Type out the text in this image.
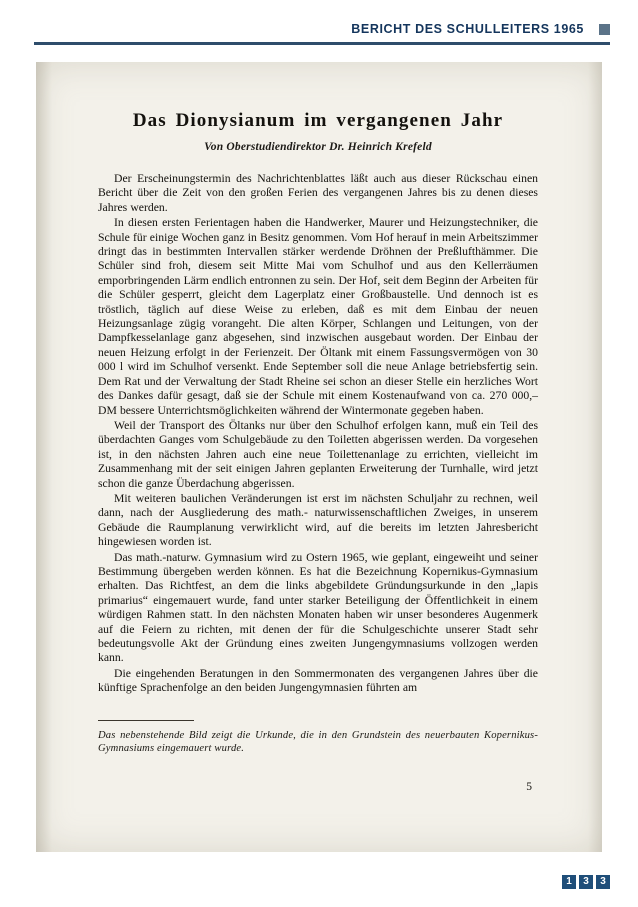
BERICHT DES SCHULLEITERS 1965
Das Dionysianum im vergangenen Jahr
Von Oberstudiendirektor Dr. Heinrich Krefeld

Der Erscheinungstermin des Nachrichtenblattes läßt auch aus dieser Rückschau einen Bericht über die Zeit von den großen Ferien des vergangenen Jahres bis zu denen dieses Jahres werden.

In diesen ersten Ferientagen haben die Handwerker, Maurer und Heizungstechniker, die Schule für einige Wochen ganz in Besitz genommen. Vom Hof herauf in mein Arbeitszimmer dringt das in bestimmten Intervallen stärker werdende Dröhnen der Preßlufthämmer. Die Schüler sind froh, diesem seit Mitte Mai vom Schulhof und aus den Kellerräumen emporbringenden Lärm endlich entronnen zu sein. Der Hof, seit dem Beginn der Arbeiten für die Schüler gesperrt, gleicht dem Lagerplatz einer Großbaustelle. Und dennoch ist es tröstlich, täglich auf diese Weise zu erleben, daß es mit dem Einbau der neuen Heizungsanlage zügig vorangeht. Die alten Körper, Schlangen und Leitungen, von der Dampfkesselanlage ganz abgesehen, sind inzwischen ausgebaut worden. Der Einbau der neuen Heizung erfolgt in der Ferienzeit. Der Öltank mit einem Fassungsvermögen von 30 000 l wird im Schulhof versenkt. Ende September soll die neue Anlage betriebsfertig sein. Dem Rat und der Verwaltung der Stadt Rheine sei schon an dieser Stelle ein herzliches Wort des Dankes dafür gesagt, daß sie der Schule mit einem Kostenaufwand von ca. 270 000,– DM bessere Unterrichtsmöglichkeiten während der Wintermonate gegeben haben.

Weil der Transport des Öltanks nur über den Schulhof erfolgen kann, muß ein Teil des überdachten Ganges vom Schulgebäude zu den Toiletten abgerissen werden. Da vorgesehen ist, in den nächsten Jahren auch eine neue Toilettenanlage zu errichten, vielleicht im Zusammenhang mit der seit einigen Jahren geplanten Erweiterung der Turnhalle, wird jetzt schon die ganze Überdachung abgerissen.

Mit weiteren baulichen Veränderungen ist erst im nächsten Schuljahr zu rechnen, weil dann, nach der Ausgliederung des math.- naturwissenschaftlichen Zweiges, in unserem Gebäude die Raumplanung verwirklicht wird, auf die bereits im letzten Jahresbericht hingewiesen worden ist.

Das math.-naturw. Gymnasium wird zu Ostern 1965, wie geplant, eingeweiht und seiner Bestimmung übergeben werden können. Es hat die Bezeichnung Kopernikus-Gymnasium erhalten. Das Richtfest, an dem die links abgebildete Gründungsurkunde in den „lapis primarius“ eingemauert wurde, fand unter starker Beteiligung der Öffentlichkeit in einem würdigen Rahmen statt. In den nächsten Monaten haben wir unser besonderes Augenmerk auf die Feiern zu richten, mit denen der für die Schulgeschichte unserer Stadt sehr bedeutungsvolle Akt der Gründung eines zweiten Jungengymnasiums vollzogen werden kann.

Die eingehenden Beratungen in den Sommermonaten des vergangenen Jahres über die künftige Sprachenfolge an den beiden Jungengymnasien führten am

Das nebenstehende Bild zeigt die Urkunde, die in den Grundstein des neuerbauten Kopernikus-Gymnasiums eingemauert wurde.

5
1	3	3
